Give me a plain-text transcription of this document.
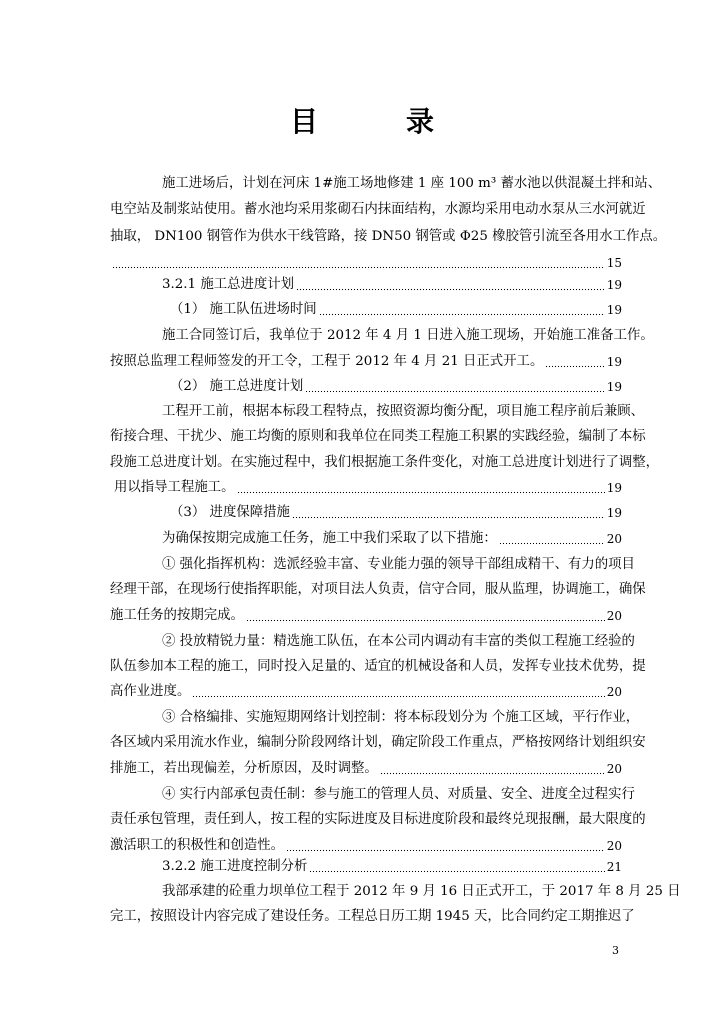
目	录
施工进场后，计划在河床 1#施工场地修建 1 座 100 m³ 蓄水池以供混凝土拌和站、
电空站及制浆站使用。蓄水池均采用浆砌石内抹面结构，水源均采用电动水泵从三水河就近
抽取， DN100 钢管作为供水干线管路，接 DN50 钢管或 Φ25 橡胶管引流至各用水工作点。
15
3.2.1 施工总进度计划	19
（1） 施工队伍进场时间	19
施工合同签订后，我单位于 2012 年 4 月 1 日进入施工现场，开始施工准备工作。
按照总监理工程师签发的开工令，工程于 2012 年 4 月 21 日正式开工。	19
（2） 施工总进度计划	19
工程开工前，根据本标段工程特点，按照资源均衡分配，项目施工程序前后兼顾、
衔接合理、干扰少、施工均衡的原则和我单位在同类工程施工积累的实践经验，编制了本标
段施工总进度计划。在实施过程中，我们根据施工条件变化，对施工总进度计划进行了调整，
用以指导工程施工。	19
（3） 进度保障措施	19
为确保按期完成施工任务，施工中我们采取了以下措施：	20
① 强化指挥机构：选派经验丰富、专业能力强的领导干部组成精干、有力的项目
经理干部，在现场行使指挥职能，对项目法人负责，信守合同，服从监理，协调施工，确保
施工任务的按期完成。	20
② 投放精锐力量：精选施工队伍，在本公司内调动有丰富的类似工程施工经验的
队伍参加本工程的施工，同时投入足量的、适宜的机械设备和人员，发挥专业技术优势，提
高作业进度。	20
③ 合格编排、实施短期网络计划控制：将本标段划分为 个施工区域，平行作业，
各区域内采用流水作业，编制分阶段网络计划，确定阶段工作重点，严格按网络计划组织安
排施工，若出现偏差，分析原因，及时调整。	20
④ 实行内部承包责任制：参与施工的管理人员、对质量、安全、进度全过程实行
责任承包管理，责任到人，按工程的实际进度及目标进度阶段和最终兑现报酬，最大限度的
激活职工的积极性和创造性。	20
3.2.2 施工进度控制分析	21
我部承建的砼重力坝单位工程于 2012 年 9 月 16 日正式开工，于 2017 年 8 月 25 日
完工，按照设计内容完成了建设任务。工程总日历工期 1945 天，比合同约定工期推迟了
3
